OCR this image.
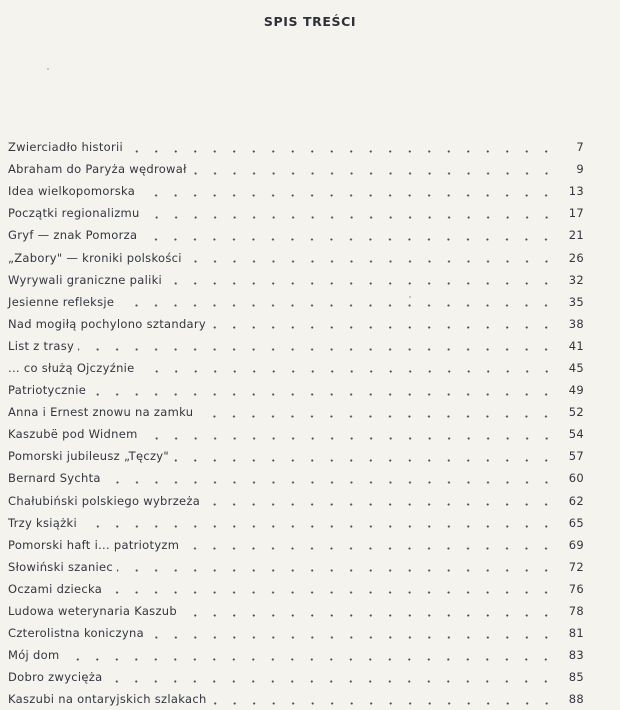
SPIS TREŚCI
Zwierciadło historii	7
Abraham do Paryża wędrował	9
Idea wielkopomorska	13
Początki regionalizmu	17
Gryf — znak Pomorza	21
„Zabory" — kroniki polskości	26
Wyrywali graniczne paliki	32
Jesienne refleksje	35
Nad mogiłą pochylono sztandary	38
List z trasy	41
... co służą Ojczyźnie	45
Patriotycznie	49
Anna i Ernest znowu na zamku	52
Kaszubë pod Widnem	54
Pomorski jubileusz „Tęczy"	57
Bernard Sychta	60
Chałubiński polskiego wybrzeża	62
Trzy książki	65
Pomorski haft i... patriotyzm	69
Słowiński szaniec	72
Oczami dziecka	76
Ludowa weterynaria Kaszub	78
Czterolistna koniczyna	81
Mój dom	83
Dobro zwycięża	85
Kaszubi na ontaryjskich szlakach	88
